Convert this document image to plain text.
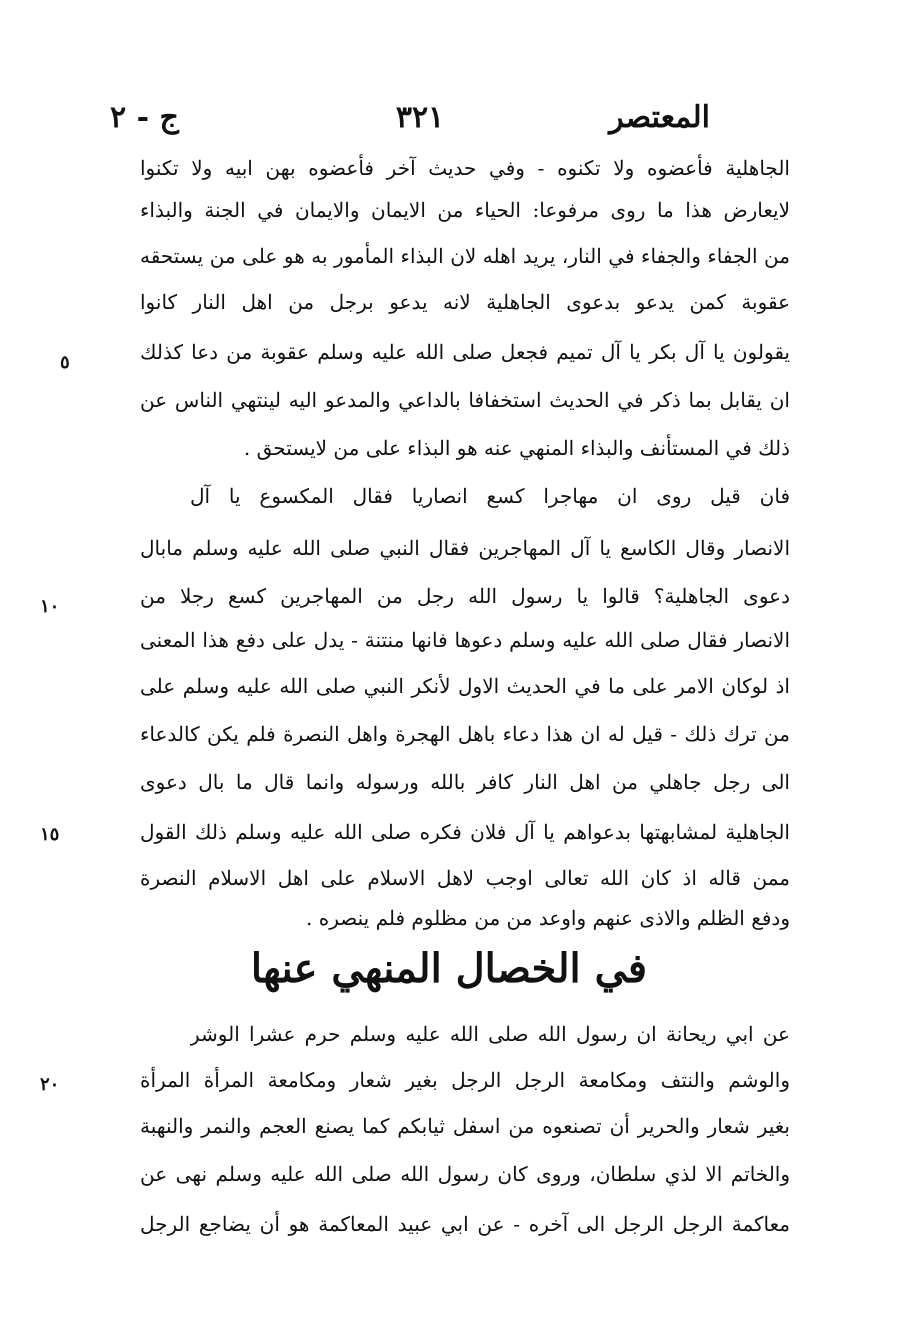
المعتصر
٣٢١
ج - ٢
الجاهلية فأعضوه ولا تكنوه - وفي حديث آخر فأعضوه بهن ابيه ولا تكنوا
لايعارض هذا ما روى مرفوعا: الحياء من الايمان والايمان في الجنة والبذاء
من الجفاء والجفاء في النار، يريد اهله لان البذاء المأمور به هو على من يستحقه
عقوبة كمن يدعو بدعوى الجاهلية لانه يدعو برجل من اهل النار كانوا
يقولون يا آل بكر يا آل تميم فجعل صلى الله عليه وسلم عقوبة من دعا كذلك
ان يقابل بما ذكر في الحديث استخفافا بالداعي والمدعو اليه لينتهي الناس عن
ذلك في المستأنف والبذاء المنهي عنه هو البذاء على من لايستحق .
٥
فان قيل روى ان مهاجرا كسع انصاريا فقال المكسوع يا آل
الانصار وقال الكاسع يا آل المهاجرين فقال النبي صلى الله عليه وسلم مابال
دعوى الجاهلية؟ قالوا يا رسول الله رجل من المهاجرين كسع رجلا من
الانصار فقال صلى الله عليه وسلم دعوها فانها منتنة - يدل على دفع هذا المعنى
اذ لوكان الامر على ما في الحديث الاول لأنكر النبي صلى الله عليه وسلم على
من ترك ذلك - قيل له ان هذا دعاء باهل الهجرة واهل النصرة فلم يكن كالدعاء
الى رجل جاهلي من اهل النار كافر بالله ورسوله وانما قال ما بال دعوى
الجاهلية لمشابهتها بدعواهم يا آل فلان فكره صلى الله عليه وسلم ذلك القول
ممن قاله اذ كان الله تعالى اوجب لاهل الاسلام على اهل الاسلام النصرة
ودفع الظلم والاذى عنهم واوعد من من مظلوم فلم ينصره .
١٠
١٥
في الخصال المنهي عنها
عن ابي ريحانة ان رسول الله صلى الله عليه وسلم حرم عشرا الوشر
والوشم والنتف ومكامعة الرجل الرجل بغير شعار ومكامعة المرأة المرأة
بغير شعار والحرير أن تصنعوه من اسفل ثيابكم كما يصنع العجم والنمر والنهبة
والخاتم الا لذي سلطان، وروى كان رسول الله صلى الله عليه وسلم نهى عن
معاكمة الرجل الرجل الى آخره - عن ابي عبيد المعاكمة هو أن يضاجع الرجل
٢٠
